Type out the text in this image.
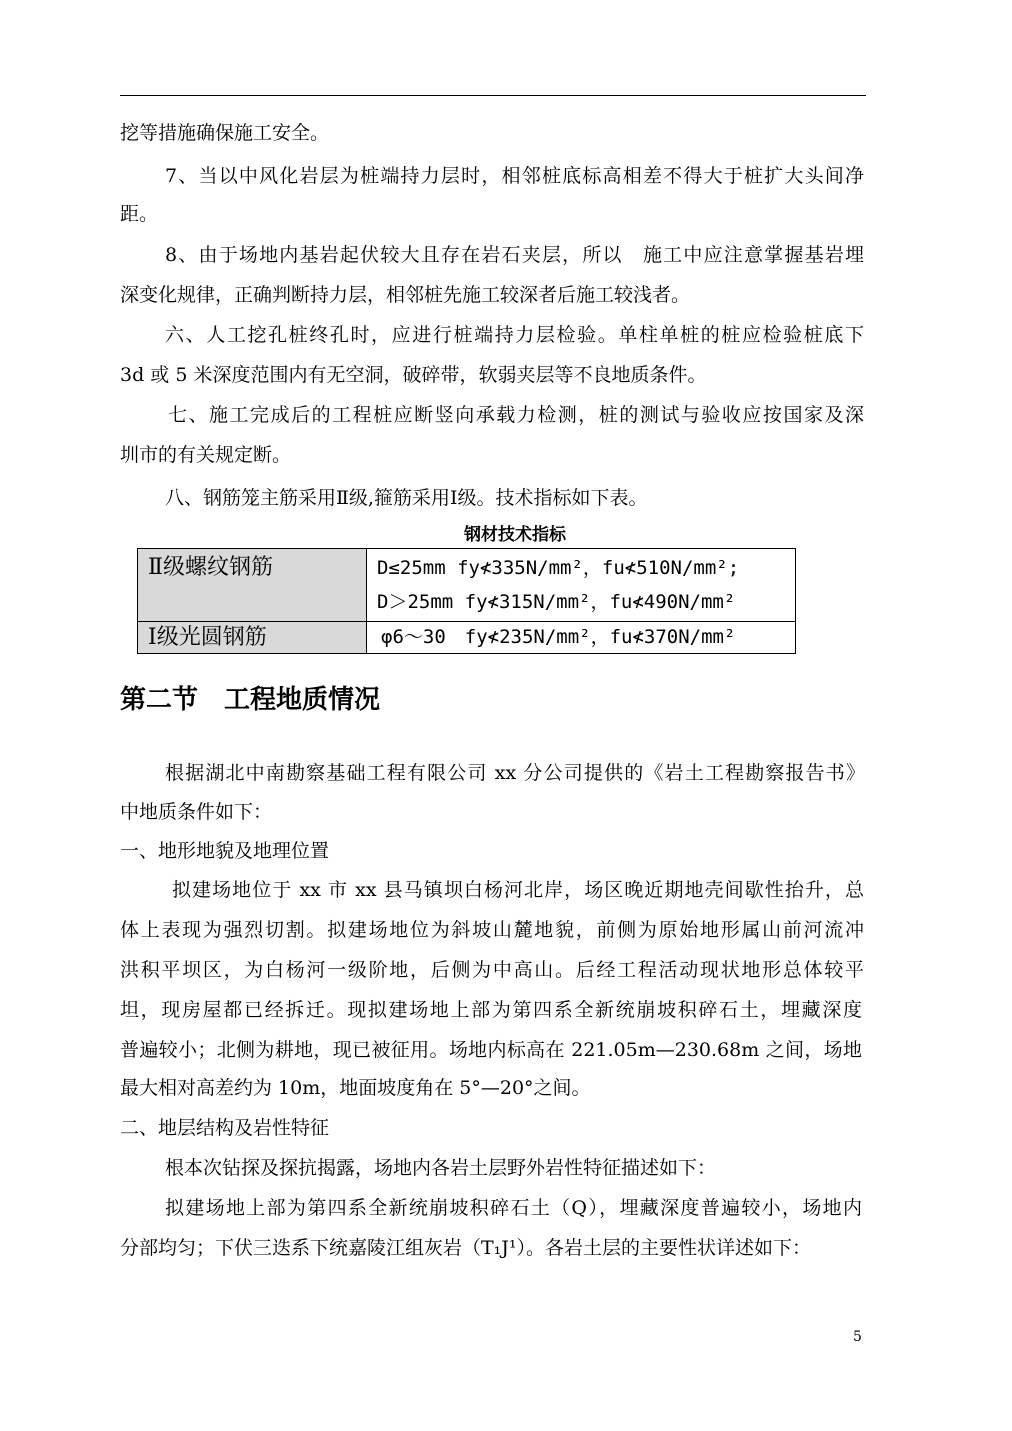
挖等措施确保施工安全。
7、当以中风化岩层为桩端持力层时，相邻桩底标高相差不得大于桩扩大头间净
距。
8、由于场地内基岩起伏较大且存在岩石夹层，所以　施工中应注意掌握基岩埋
深变化规律，正确判断持力层，相邻桩先施工较深者后施工较浅者。
六、人工挖孔桩终孔时，应进行桩端持力层检验。单柱单桩的桩应检验桩底下
3d 或 5 米深度范围内有无空洞，破碎带，软弱夹层等不良地质条件。
七、施工完成后的工程桩应断竖向承载力检测，桩的测试与验收应按国家及深
圳市的有关规定断。
八、钢筋笼主筋采用Ⅱ级,箍筋采用Ⅰ级。技术指标如下表。
钢材技术指标
Ⅱ级螺纹钢筋	D≤25mm fy≮335N/mm²，fu≮510N/mm²;
D＞25mm fy≮315N/mm²，fu≮490N/mm²

Ⅰ级光圆钢筋	φ6～30　fy≮235N/mm²，fu≮370N/mm²
第二节　工程地质情况
根据湖北中南勘察基础工程有限公司 xx 分公司提供的《岩土工程勘察报告书》
中地质条件如下：
一、地形地貌及地理位置
拟建场地位于 xx 市 xx 县马镇坝白杨河北岸，场区晚近期地壳间歇性抬升，总
体上表现为强烈切割。拟建场地位为斜坡山麓地貌，前侧为原始地形属山前河流冲
洪积平坝区，为白杨河一级阶地，后侧为中高山。后经工程活动现状地形总体较平
坦，现房屋都已经拆迁。现拟建场地上部为第四系全新统崩坡积碎石土，埋藏深度
普遍较小；北侧为耕地，现已被征用。场地内标高在 221.05m—230.68m 之间，场地
最大相对高差约为 10m，地面坡度角在 5°—20°之间。
二、地层结构及岩性特征
根本次钻探及探抗揭露，场地内各岩土层野外岩性特征描述如下：
拟建场地上部为第四系全新统崩坡积碎石土（Q），埋藏深度普遍较小，场地内
分部均匀；下伏三迭系下统嘉陵江组灰岩（T₁J¹）。各岩土层的主要性状详述如下：
5
